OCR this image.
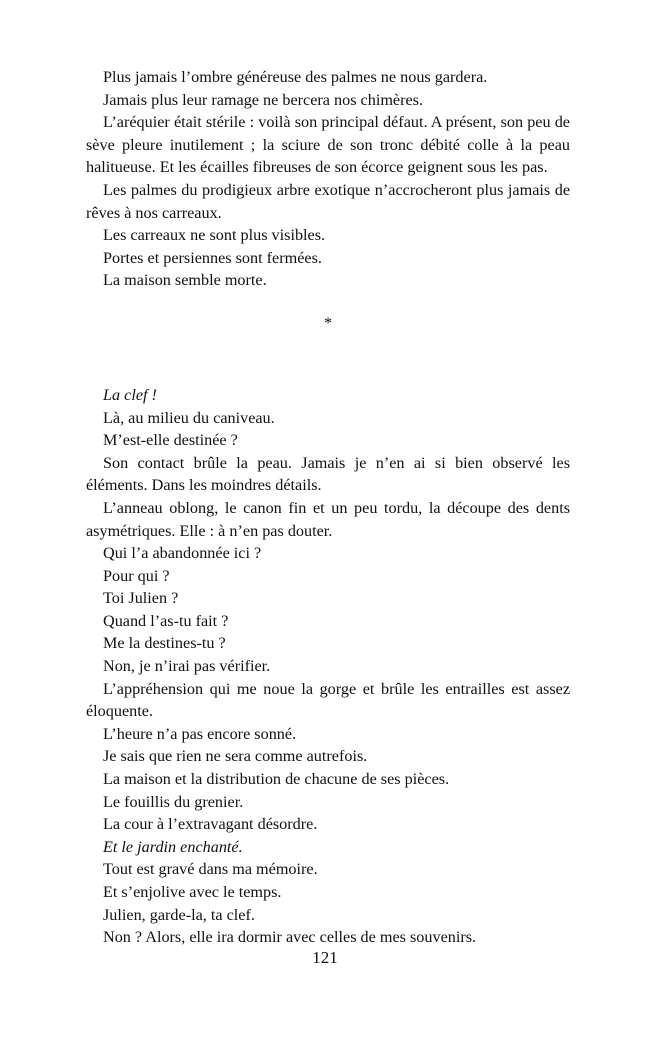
Plus jamais l’ombre généreuse des palmes ne nous gardera.

Jamais plus leur ramage ne bercera nos chimères.

L’aréquier était stérile : voilà son principal défaut. A présent, son peu de sève pleure inutilement ; la sciure de son tronc débité colle à la peau halitueuse. Et les écailles fibreuses de son écorce geignent sous les pas.

Les palmes du prodigieux arbre exotique n’accrocheront plus jamais de rêves à nos carreaux.

Les carreaux ne sont plus visibles.

Portes et persiennes sont fermées.

La maison semble morte.

*

La clef !

Là, au milieu du caniveau.

M’est-elle destinée ?

Son contact brûle la peau. Jamais je n’en ai si bien observé les éléments. Dans les moindres détails.

L’anneau oblong, le canon fin et un peu tordu, la découpe des dents asymétriques. Elle : à n’en pas douter.

Qui l’a abandonnée ici ?

Pour qui ?

Toi Julien ?

Quand l’as-tu fait ?

Me la destines-tu ?

Non, je n’irai pas vérifier.

L’appréhension qui me noue la gorge et brûle les entrailles est assez éloquente.

L’heure n’a pas encore sonné.

Je sais que rien ne sera comme autrefois.

La maison et la distribution de chacune de ses pièces.

Le fouillis du grenier.

La cour à l’extravagant désordre.

Et le jardin enchanté.

Tout est gravé dans ma mémoire.

Et s’enjolive avec le temps.

Julien, garde-la, ta clef.

Non ? Alors, elle ira dormir avec celles de mes souvenirs.

121
